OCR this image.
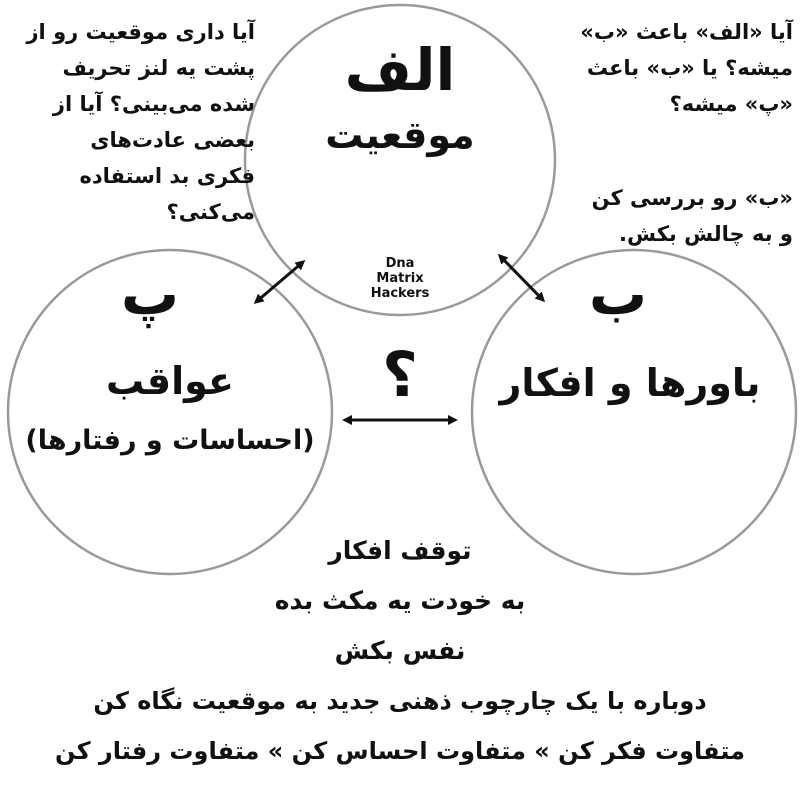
الف
موقعیت
Dna
Matrix
Hackers
پ
عواقب
(احساسات و رفتارها)
ب
باورها و افکار
؟
آیا داری موقعیت رو از
پشت یه لنز تحریف
شده می‌بینی؟ آیا از
بعضی عادت‌های
فکری بد استفاده
می‌کنی؟
آیا «الف» باعث «ب»
میشه؟ یا «ب» باعث
«پ» میشه؟
«ب» رو بررسی کن
و به چالش بکش.
توقف افکار
به خودت یه مکث بده
نفس بکش
دوباره با یک چارچوب ذهنی جدید به موقعیت نگاه کن
متفاوت فکر کن » متفاوت احساس کن » متفاوت رفتار کن
